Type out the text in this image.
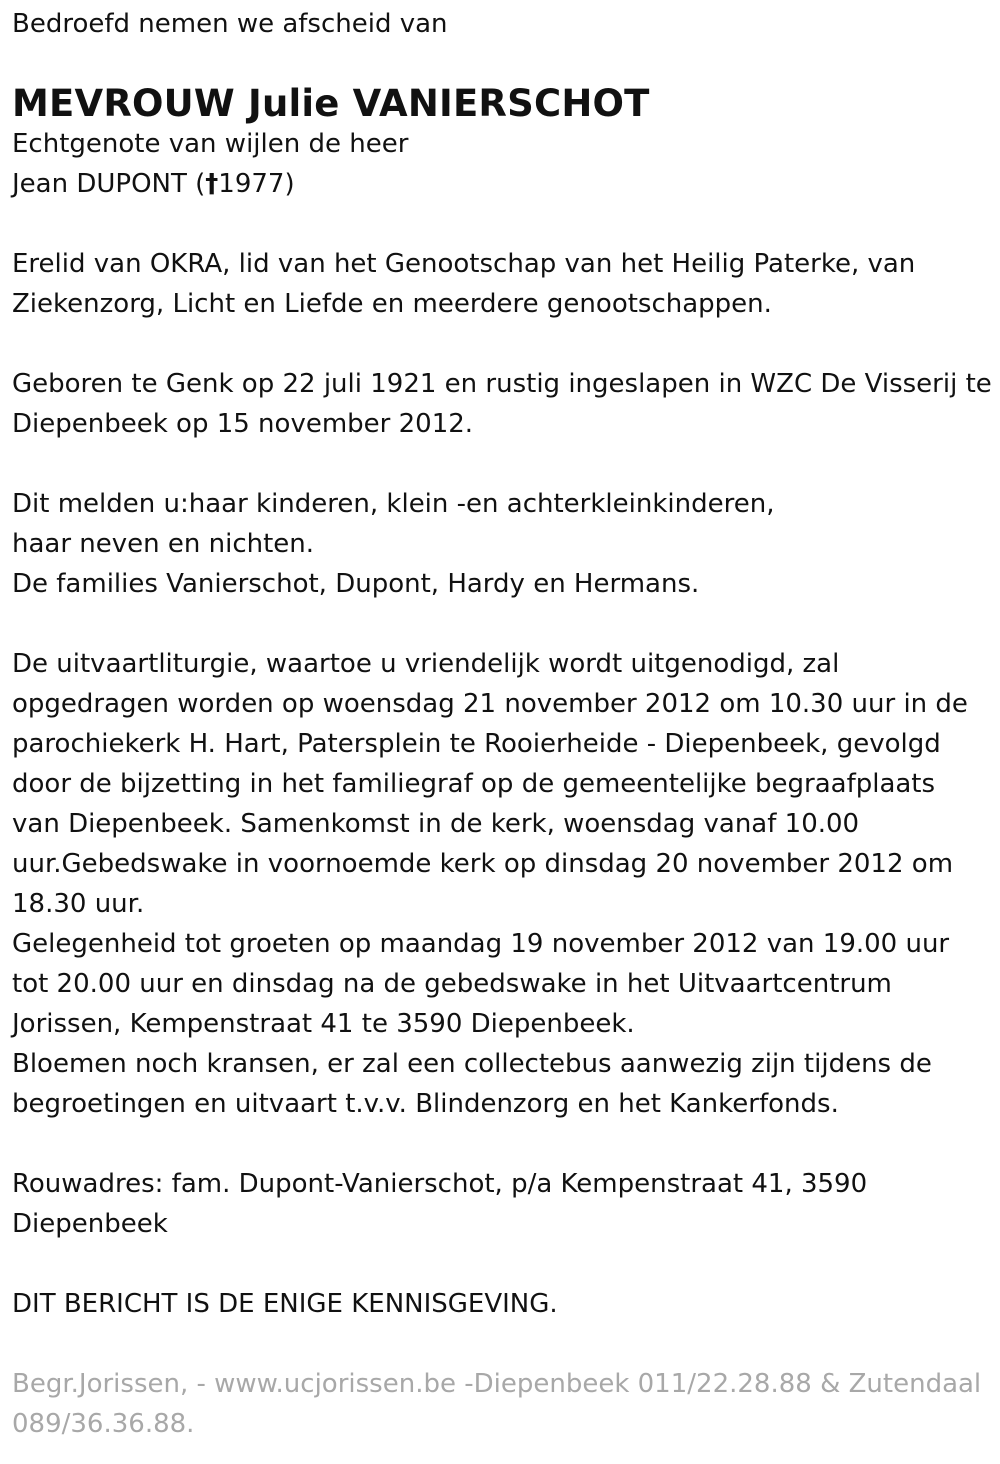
Bedroefd nemen we afscheid van

MEVROUW Julie VANIERSCHOT

Echtgenote van wijlen de heer

Jean DUPONT (†1977)

Erelid van OKRA, lid van het Genootschap van het Heilig Paterke, van

Ziekenzorg, Licht en Liefde en meerdere genootschappen.

Geboren te Genk op 22 juli 1921 en rustig ingeslapen in WZC De Visserij te

Diepenbeek op 15 november 2012.

Dit melden u:haar kinderen, klein -en achterkleinkinderen,

haar neven en nichten.

De families Vanierschot, Dupont, Hardy en Hermans.

De uitvaartliturgie, waartoe u vriendelijk wordt uitgenodigd, zal

opgedragen worden op woensdag 21 november 2012 om 10.30 uur in de

parochiekerk H. Hart, Patersplein te Rooierheide - Diepenbeek, gevolgd

door de bijzetting in het familiegraf op de gemeentelijke begraafplaats

van Diepenbeek. Samenkomst in de kerk, woensdag vanaf 10.00

uur.Gebedswake in voornoemde kerk op dinsdag 20 november 2012 om

18.30 uur.

Gelegenheid tot groeten op maandag 19 november 2012 van 19.00 uur

tot 20.00 uur en dinsdag na de gebedswake in het Uitvaartcentrum

Jorissen, Kempenstraat 41 te 3590 Diepenbeek.

Bloemen noch kransen, er zal een collectebus aanwezig zijn tijdens de

begroetingen en uitvaart t.v.v. Blindenzorg en het Kankerfonds.

Rouwadres: fam. Dupont-Vanierschot, p/a Kempenstraat 41, 3590

Diepenbeek

DIT BERICHT IS DE ENIGE KENNISGEVING.

Begr.Jorissen, - www.ucjorissen.be -Diepenbeek 011/22.28.88 & Zutendaal

089/36.36.88.
